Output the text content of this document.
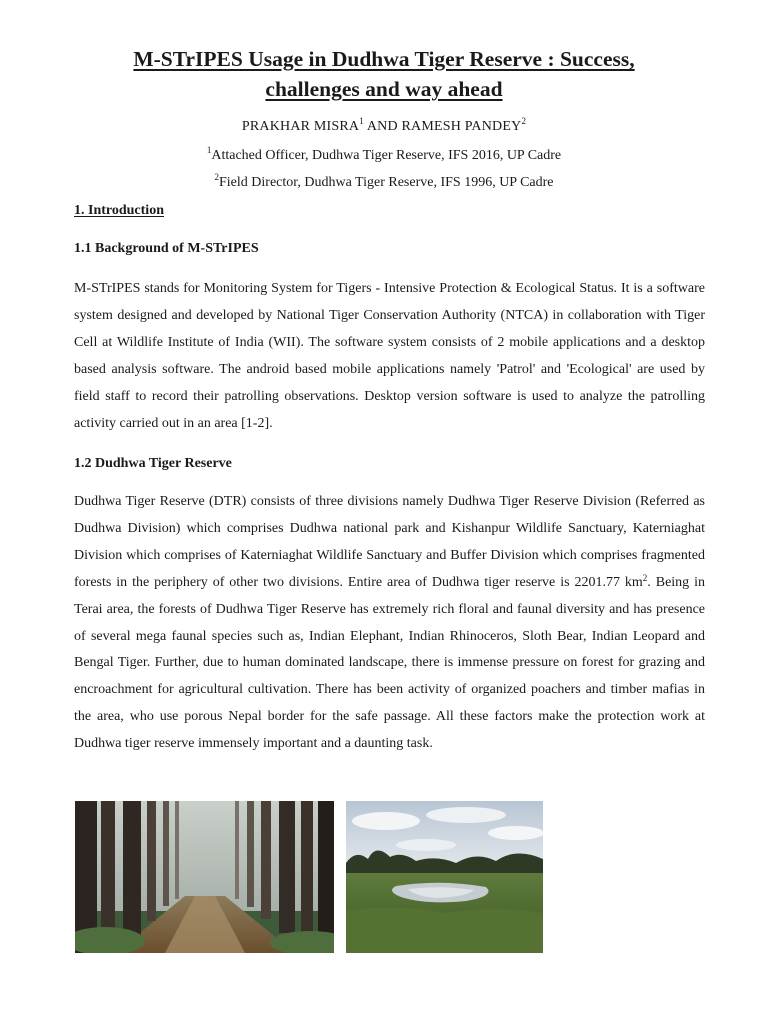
M-STrIPES Usage in Dudhwa Tiger Reserve : Success, challenges and way ahead
PRAKHAR MISRA$^1$ AND RAMESH PANDEY$^2$
$^1$Attached Officer, Dudhwa Tiger Reserve, IFS 2016, UP Cadre
$^2$Field Director, Dudhwa Tiger Reserve, IFS 1996, UP Cadre
1. Introduction
1.1 Background of M-STrIPES
M-STrIPES stands for Monitoring System for Tigers - Intensive Protection & Ecological Status. It is a software system designed and developed by National Tiger Conservation Authority (NTCA) in collaboration with Tiger Cell at Wildlife Institute of India (WII). The software system consists of 2 mobile applications and a desktop based analysis software. The android based mobile applications namely 'Patrol' and 'Ecological' are used by field staff to record their patrolling observations. Desktop version software is used to analyze the patrolling activity carried out in an area [1-2].
1.2 Dudhwa Tiger Reserve
Dudhwa Tiger Reserve (DTR) consists of three divisions namely Dudhwa Tiger Reserve Division (Referred as Dudhwa Division) which comprises Dudhwa national park and Kishanpur Wildlife Sanctuary, Katerniaghat Division which comprises of Katerniaghat Wildlife Sanctuary and Buffer Division which comprises fragmented forests in the periphery of other two divisions. Entire area of Dudhwa tiger reserve is 2201.77 $km^2$. Being in Terai area, the forests of Dudhwa Tiger Reserve has extremely rich floral and faunal diversity and has presence of several mega faunal species such as, Indian Elephant, Indian Rhinoceros, Sloth Bear, Indian Leopard and Bengal Tiger. Further, due to human dominated landscape, there is immense pressure on forest for grazing and encroachment for agricultural cultivation. There has been activity of organized poachers and timber mafias in the area, who use porous Nepal border for the safe passage. All these factors make the protection work at Dudhwa tiger reserve immensely important and a daunting task.
